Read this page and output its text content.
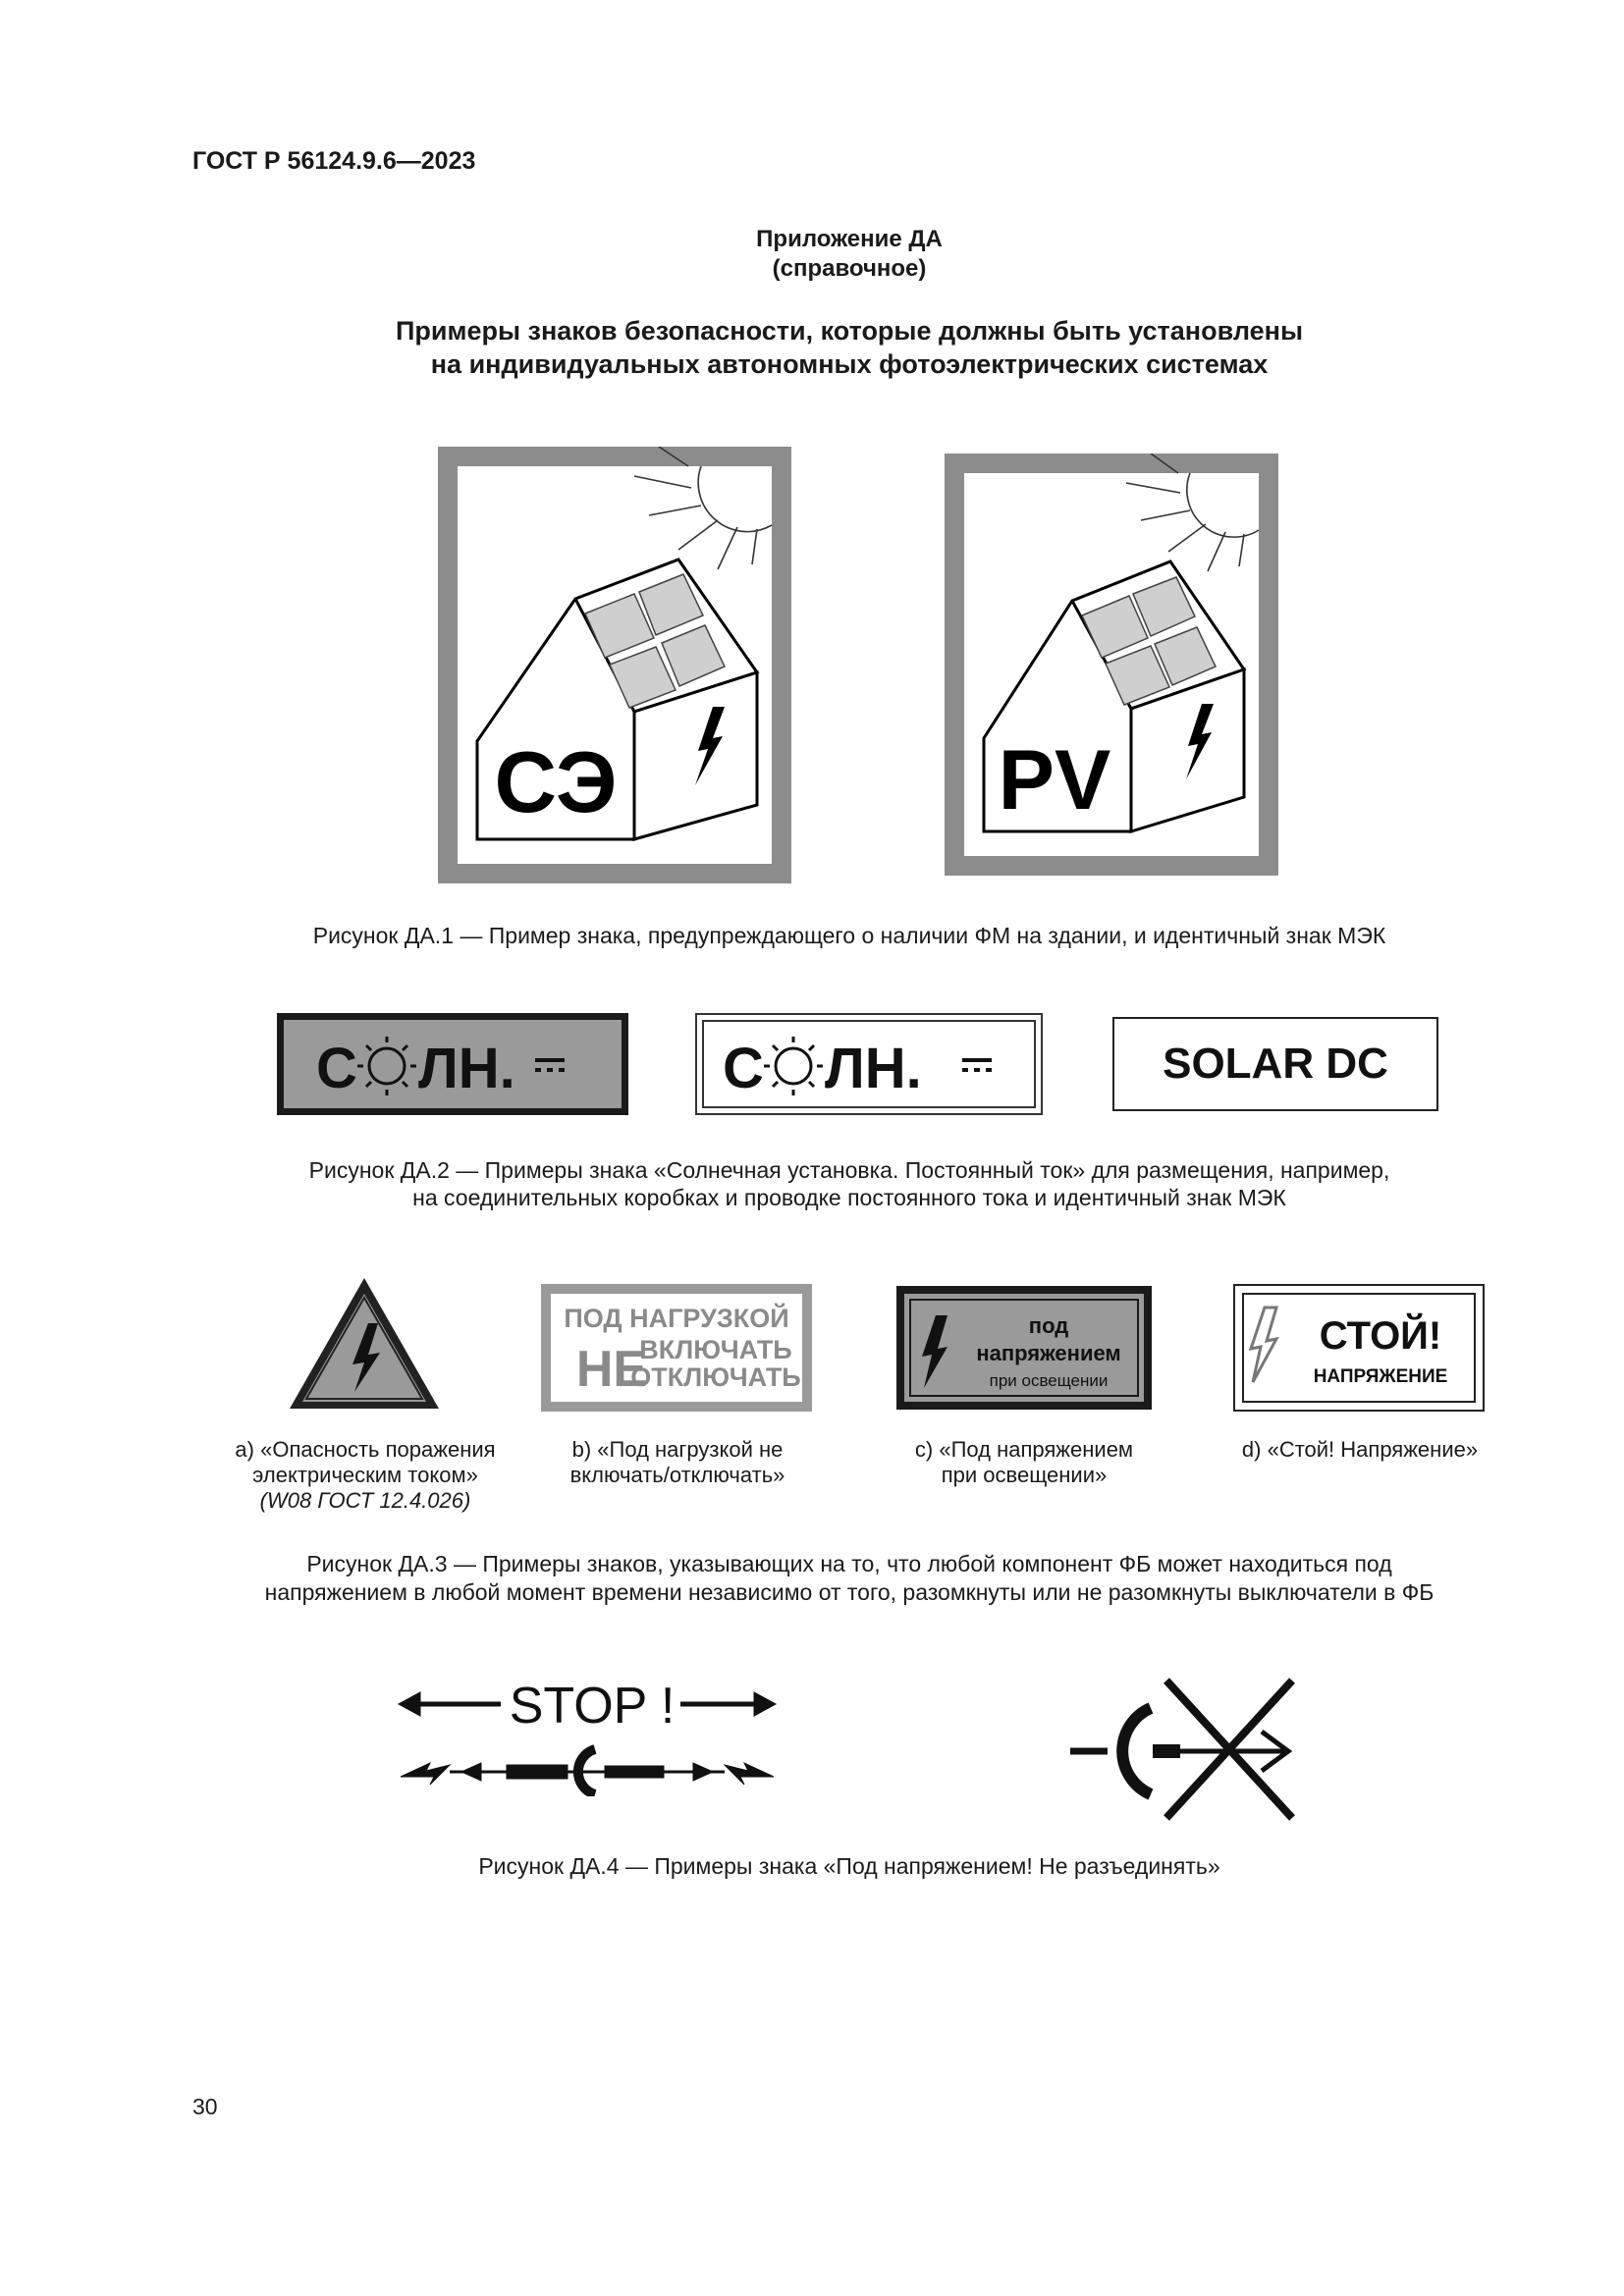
ГОСТ Р 56124.9.6—2023
Приложение ДА
(справочное)
Примеры знаков безопасности, которые должны быть установлены
на индивидуальных автономных фотоэлектрических системах
СЭ	PV
Рисунок ДА.1 — Пример знака, предупреждающего о наличии ФМ на здании, и идентичный знак МЭК
С ЛН.	С ЛН.	SOLAR DC
Рисунок ДА.2 — Примеры знака «Солнечная установка. Постоянный ток» для размещения, например,
на соединительных коробках и проводке постоянного тока и идентичный знак МЭК
ПОД НАГРУЗКОЙ
НЕ
ВКЛЮЧАТЬ
ОТКЛЮЧАТЬ
под
напряжением
при освещении
СТОЙ!
НАПРЯЖЕНИЕ
а) «Опасность поражения
электрическим током»
(W08 ГОСТ 12.4.026)
b) «Под нагрузкой не
включать/отключать»
с) «Под напряжением
при освещении»
d) «Стой! Напряжение»
Рисунок ДА.3 — Примеры знаков, указывающих на то, что любой компонент ФБ может находиться под
напряжением в любой момент времени независимо от того, разомкнуты или не разомкнуты выключатели в ФБ
STOP !
Рисунок ДА.4 — Примеры знака «Под напряжением! Не разъединять»
30
